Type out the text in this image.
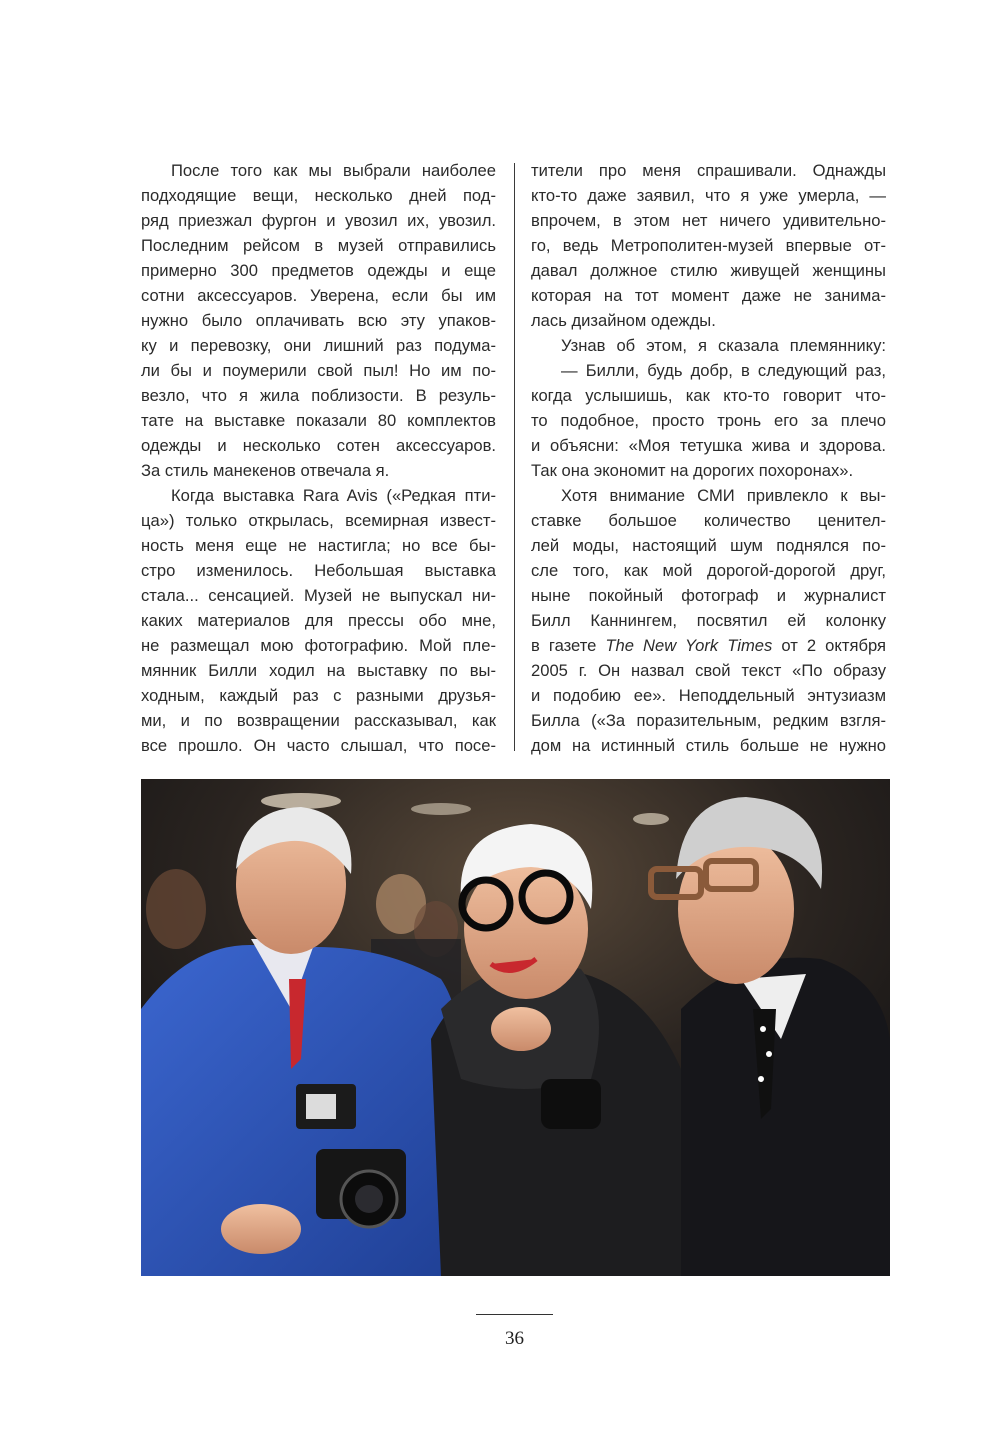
После того как мы выбрали наиболее
подходящие вещи, несколько дней под-
ряд приезжал фургон и увозил их, увозил.
Последним рейсом в музей отправились
примерно 300 предметов одежды и еще
сотни аксессуаров. Уверена, если бы им
нужно было оплачивать всю эту упаков-
ку и перевозку, они лишний раз подума-
ли бы и поумерили свой пыл! Но им по-
везло, что я жила поблизости. В резуль-
тате на выставке показали 80 комплектов
одежды и несколько сотен аксессуаров.
За стиль манекенов отвечала я.
Когда выставка Rara Avis («Редкая пти-
ца») только открылась, всемирная извест-
ность меня еще не настигла; но все бы-
стро изменилось. Небольшая выставка
стала... сенсацией. Музей не выпускал ни-
каких материалов для прессы обо мне,
не размещал мою фотографию. Мой пле-
мянник Билли ходил на выставку по вы-
ходным, каждый раз с разными друзья-
ми, и по возвращении рассказывал, как
все прошло. Он часто слышал, что посе-
тители про меня спрашивали. Однажды
кто-то даже заявил, что я уже умерла, —
впрочем, в этом нет ничего удивительно-
го, ведь Метрополитен-музей впервые от-
давал должное стилю живущей женщины
которая на тот момент даже не занима-
лась дизайном одежды.
Узнав об этом, я сказала племяннику:
— Билли, будь добр, в следующий раз,
когда услышишь, как кто-то говорит что-
то подобное, просто тронь его за плечо
и объясни: «Моя тетушка жива и здорова.
Так она экономит на дорогих похоронах».
Хотя внимание СМИ привлекло к вы-
ставке большое количество ценител-
лей моды, настоящий шум поднялся по-
сле того, как мой дорогой-дорогой друг,
ныне покойный фотограф и журналист
Билл Каннингем, посвятил ей колонку
в газете The New York Times от 2 октября
2005 г. Он назвал свой текст «По образу
и подобию ее». Неподдельный энтузиазм
Билла («За поразительным, редким взгля-
дом на истинный стиль больше не нужно
36
